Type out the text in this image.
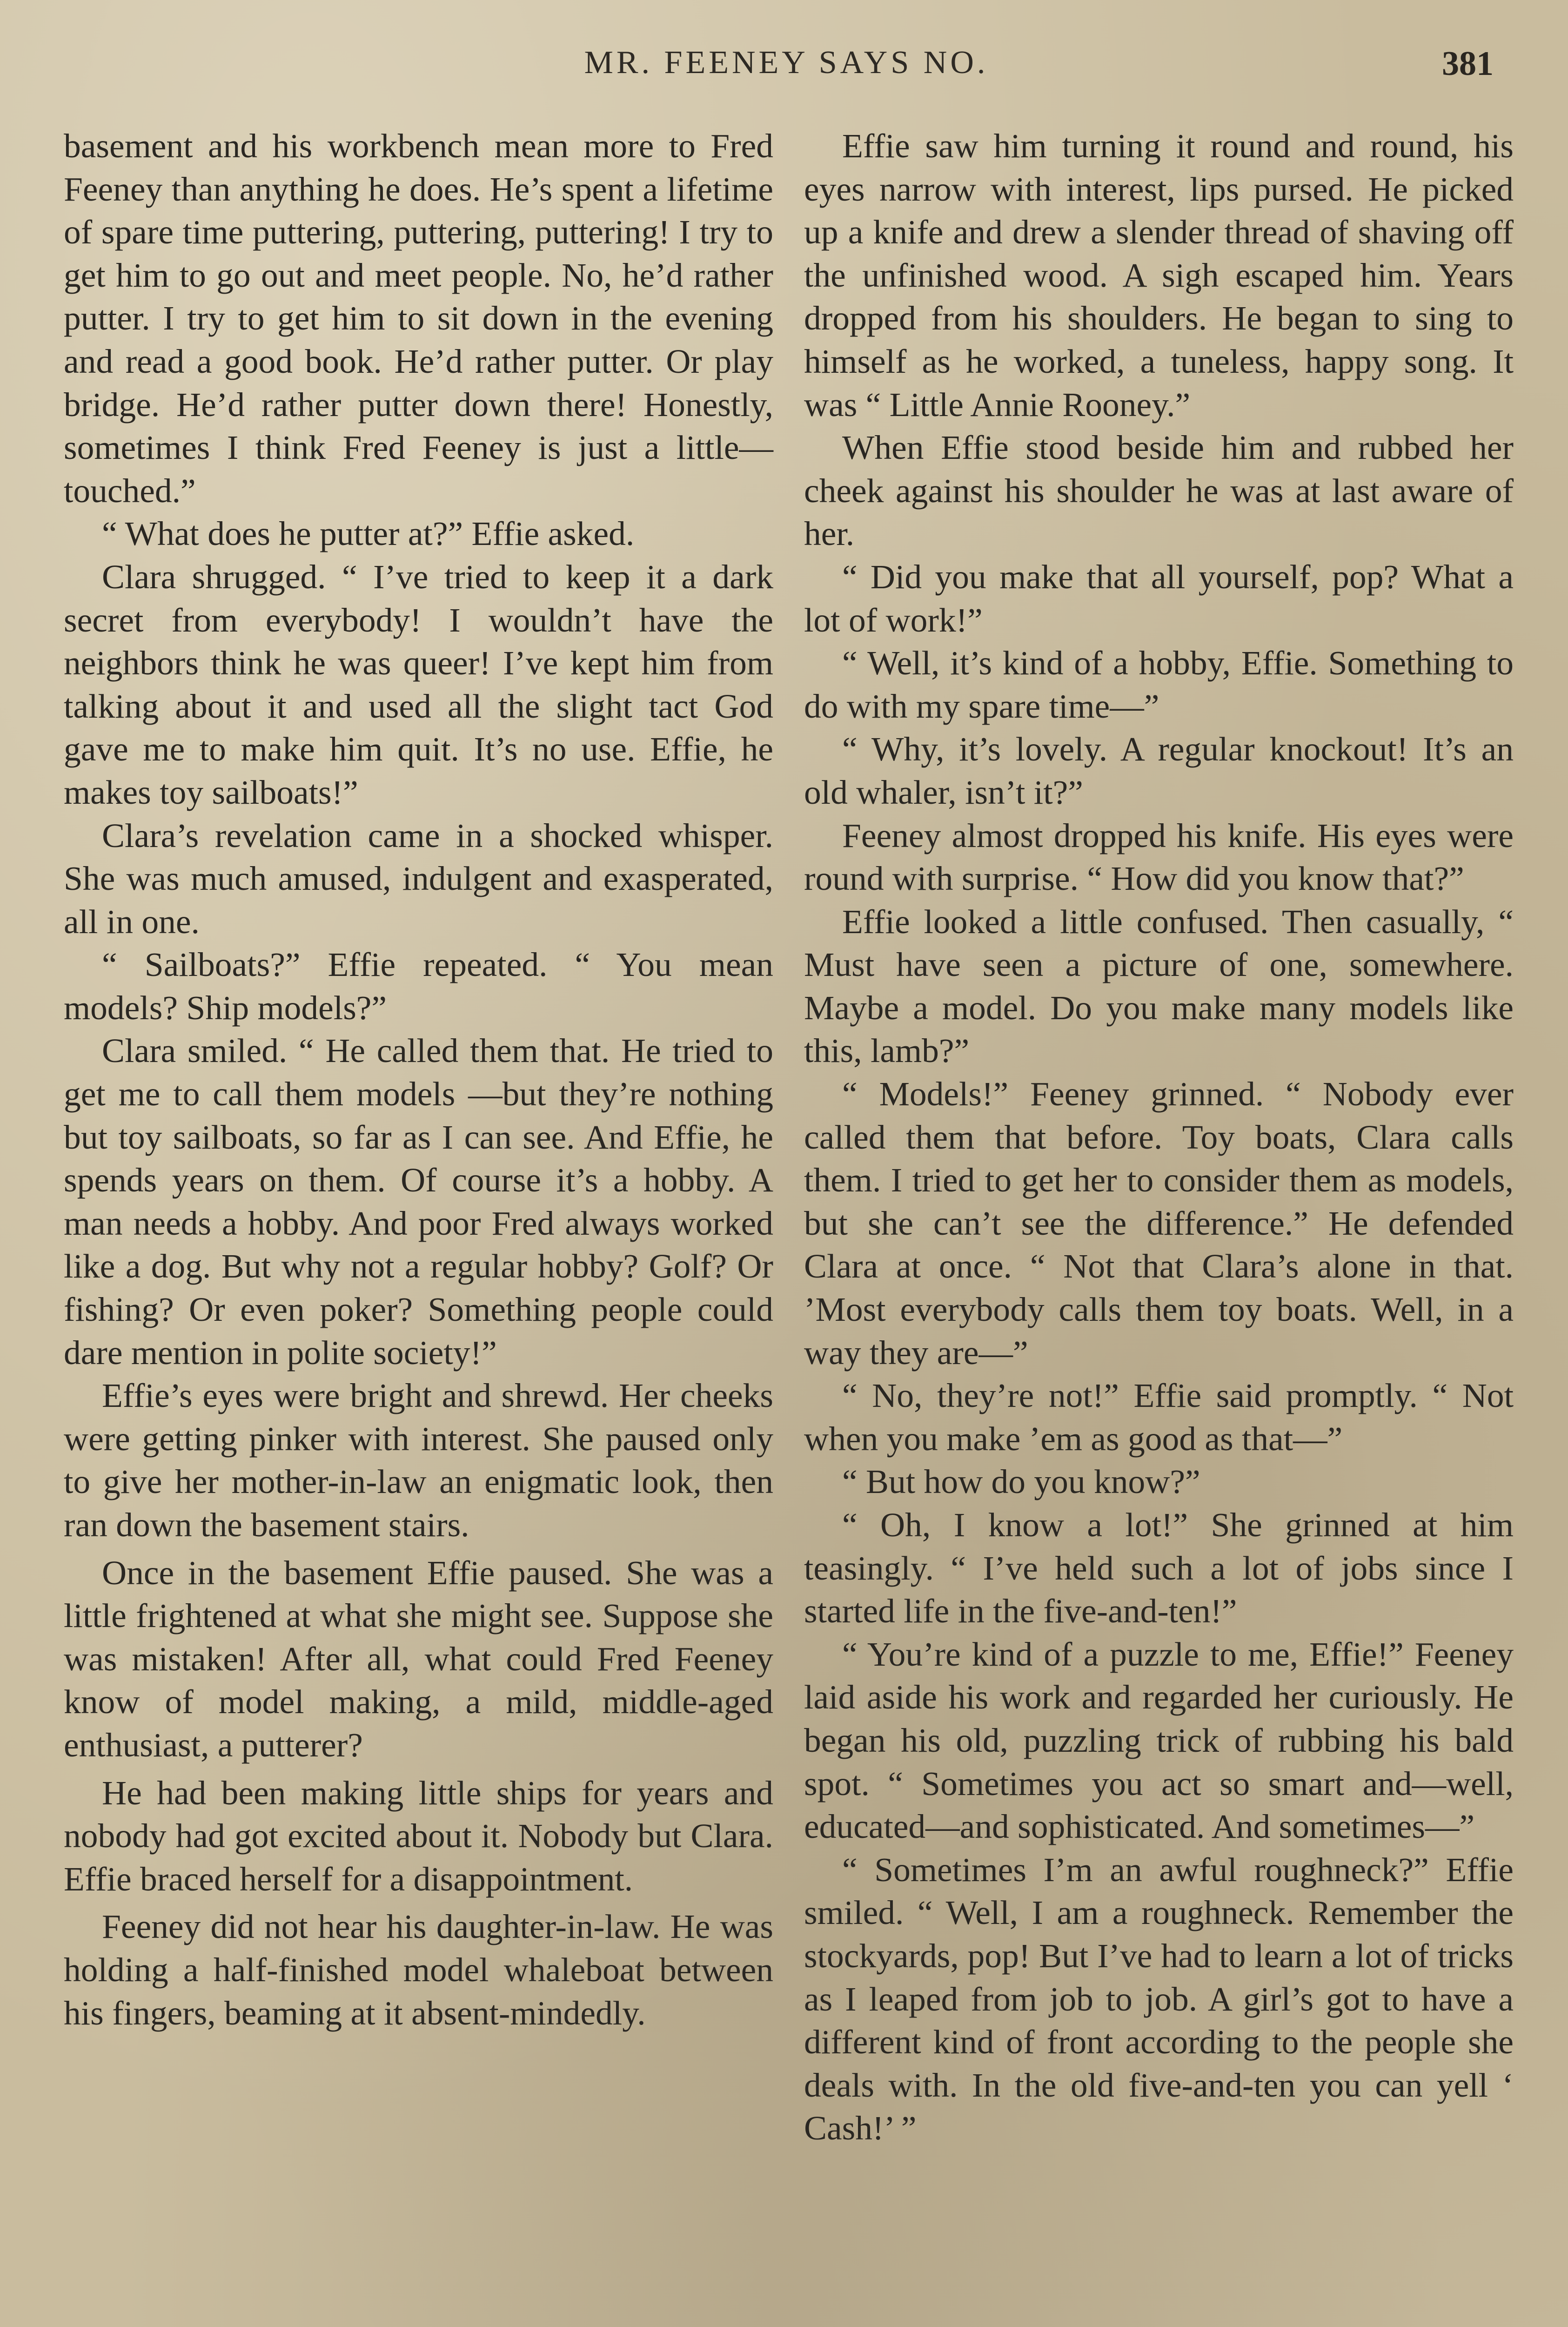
MR. FEENEY SAYS NO.	381

basement and his workbench mean more to Fred Feeney than anything he does. He’s spent a lifetime of spare time puttering, puttering, puttering! I try to get him to go out and meet people. No, he’d rather putter. I try to get him to sit down in the evening and read a good book. He’d rather putter. Or play bridge. He’d rather putter down there! Honestly, sometimes I think Fred Feeney is just a little—touched.”

“ What does he putter at?” Effie asked.

Clara shrugged. “ I’ve tried to keep it a dark secret from everybody! I wouldn’t have the neighbors think he was queer! I’ve kept him from talking about it and used all the slight tact God gave me to make him quit. It’s no use. Effie, he makes toy sailboats!”

Clara’s revelation came in a shocked whisper. She was much amused, indulgent and exasperated, all in one.

“ Sailboats?” Effie repeated. “ You mean models? Ship models?”

Clara smiled. “ He called them that. He tried to get me to call them models —but they’re nothing but toy sailboats, so far as I can see. And Effie, he spends years on them. Of course it’s a hobby. A man needs a hobby. And poor Fred always worked like a dog. But why not a regular hobby? Golf? Or fishing? Or even poker? Something people could dare mention in polite society!”

Effie’s eyes were bright and shrewd. Her cheeks were getting pinker with interest. She paused only to give her mother-in-law an enigmatic look, then ran down the basement stairs.

Once in the basement Effie paused. She was a little frightened at what she might see. Suppose she was mistaken! After all, what could Fred Feeney know of model making, a mild, middle-aged enthusiast, a putterer?

He had been making little ships for years and nobody had got excited about it. Nobody but Clara. Effie braced herself for a disappointment.

Feeney did not hear his daughter-in-law. He was holding a half-finished model whaleboat between his fingers, beaming at it absent-mindedly.

Effie saw him turning it round and round, his eyes narrow with interest, lips pursed. He picked up a knife and drew a slender thread of shaving off the unfinished wood. A sigh escaped him. Years dropped from his shoulders. He began to sing to himself as he worked, a tuneless, happy song. It was “ Little Annie Rooney.”

When Effie stood beside him and rubbed her cheek against his shoulder he was at last aware of her.

“ Did you make that all yourself, pop? What a lot of work!”

“ Well, it’s kind of a hobby, Effie. Something to do with my spare time—”

“ Why, it’s lovely. A regular knockout! It’s an old whaler, isn’t it?”

Feeney almost dropped his knife. His eyes were round with surprise. “ How did you know that?”

Effie looked a little confused. Then casually, “ Must have seen a picture of one, somewhere. Maybe a model. Do you make many models like this, lamb?”

“ Models!” Feeney grinned. “ Nobody ever called them that before. Toy boats, Clara calls them. I tried to get her to consider them as models, but she can’t see the difference.” He defended Clara at once. “ Not that Clara’s alone in that. ’Most everybody calls them toy boats. Well, in a way they are—”

“ No, they’re not!” Effie said promptly. “ Not when you make ’em as good as that—”

“ But how do you know?”

“ Oh, I know a lot!” She grinned at him teasingly. “ I’ve held such a lot of jobs since I started life in the five-and-ten!”

“ You’re kind of a puzzle to me, Effie!” Feeney laid aside his work and regarded her curiously. He began his old, puzzling trick of rubbing his bald spot. “ Sometimes you act so smart and—well, educated—and sophisticated. And sometimes—”

“ Sometimes I’m an awful roughneck?” Effie smiled. “ Well, I am a roughneck. Remember the stockyards, pop! But I’ve had to learn a lot of tricks as I leaped from job to job. A girl’s got to have a different kind of front according to the people she deals with. In the old five-and-ten you can yell ‘ Cash!’ ”
